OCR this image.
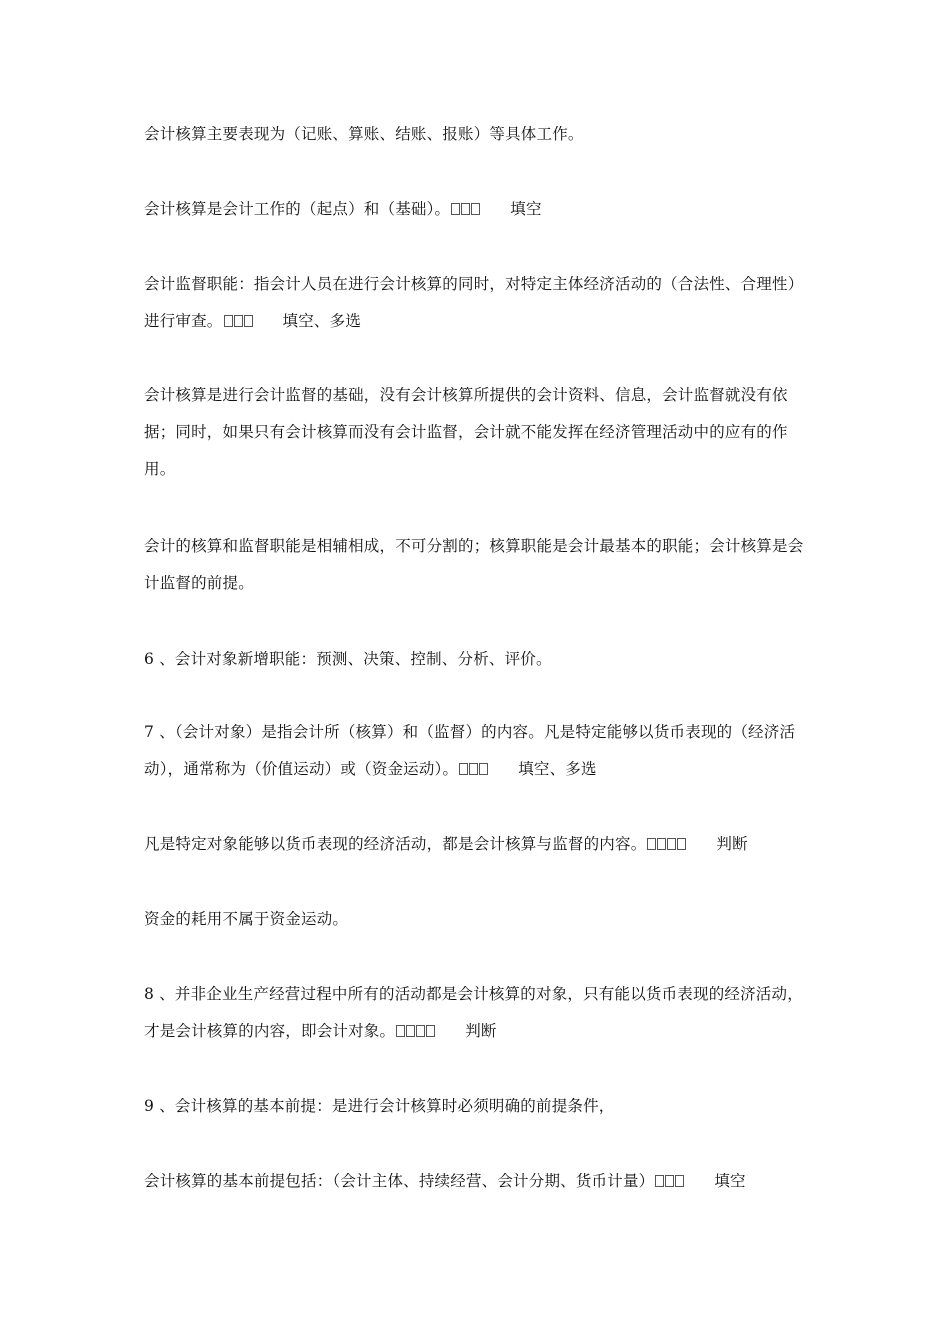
会计核算主要表现为（记账、算账、结账、报账）等具体工作。

会计核算是会计工作的（起点）和（基础）。	填空

会计监督职能：指会计人员在进行会计核算的同时，对特定主体经济活动的（合法性、合理性）进行审查。	填空、多选

会计核算是进行会计监督的基础，没有会计核算所提供的会计资料、信息，会计监督就没有依据；同时，如果只有会计核算而没有会计监督，会计就不能发挥在经济管理活动中的应有的作用。

会计的核算和监督职能是相辅相成，不可分割的；核算职能是会计最基本的职能；会计核算是会计监督的前提。

6 、会计对象新增职能：预测、决策、控制、分析、评价。

7 、（会计对象）是指会计所（核算）和（监督）的内容。凡是特定能够以货币表现的（经济活动），通常称为（价值运动）或（资金运动）。	填空、多选

凡是特定对象能够以货币表现的经济活动，都是会计核算与监督的内容。	判断

资金的耗用不属于资金运动。

8 、并非企业生产经营过程中所有的活动都是会计核算的对象，只有能以货币表现的经济活动，才是会计核算的内容，即会计对象。	判断

9 、会计核算的基本前提：是进行会计核算时必须明确的前提条件，

会计核算的基本前提包括：（会计主体、持续经营、会计分期、货币计量）	填空
